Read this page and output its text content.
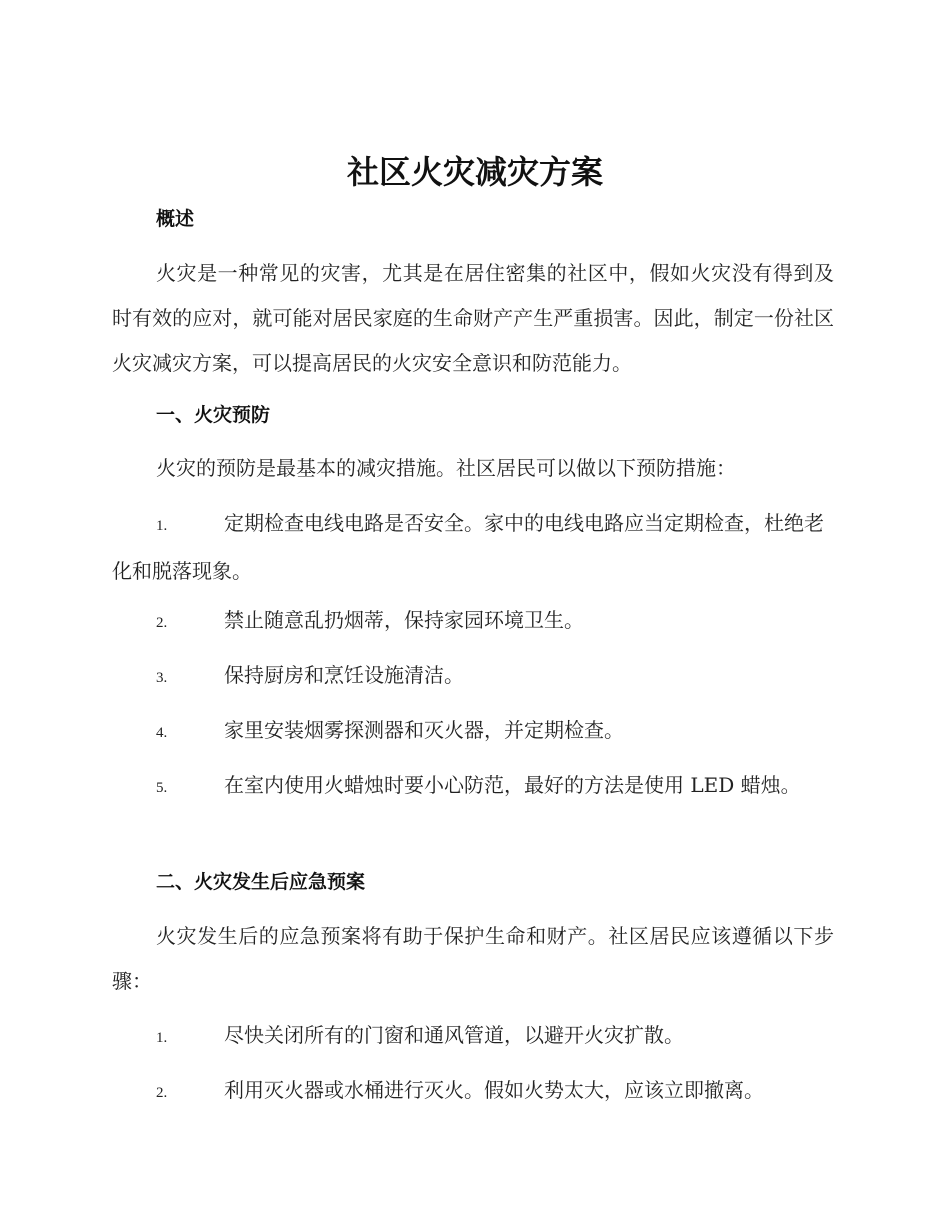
社区火灾减灾方案
概述
火灾是一种常见的灾害，尤其是在居住密集的社区中，假如火灾没有得到及时有效的应对，就可能对居民家庭的生命财产产生严重损害。因此，制定一份社区火灾减灾方案，可以提高居民的火灾安全意识和防范能力。
一、火灾预防
火灾的预防是最基本的减灾措施。社区居民可以做以下预防措施：
1.	定期检查电线电路是否安全。家中的电线电路应当定期检查，杜绝老化和脱落现象。
2.	禁止随意乱扔烟蒂，保持家园环境卫生。
3.	保持厨房和烹饪设施清洁。
4.	家里安装烟雾探测器和灭火器，并定期检查。
5.	在室内使用火蜡烛时要小心防范，最好的方法是使用 LED 蜡烛。
二、火灾发生后应急预案
火灾发生后的应急预案将有助于保护生命和财产。社区居民应该遵循以下步骤：
1.	尽快关闭所有的门窗和通风管道，以避开火灾扩散。
2.	利用灭火器或水桶进行灭火。假如火势太大，应该立即撤离。
